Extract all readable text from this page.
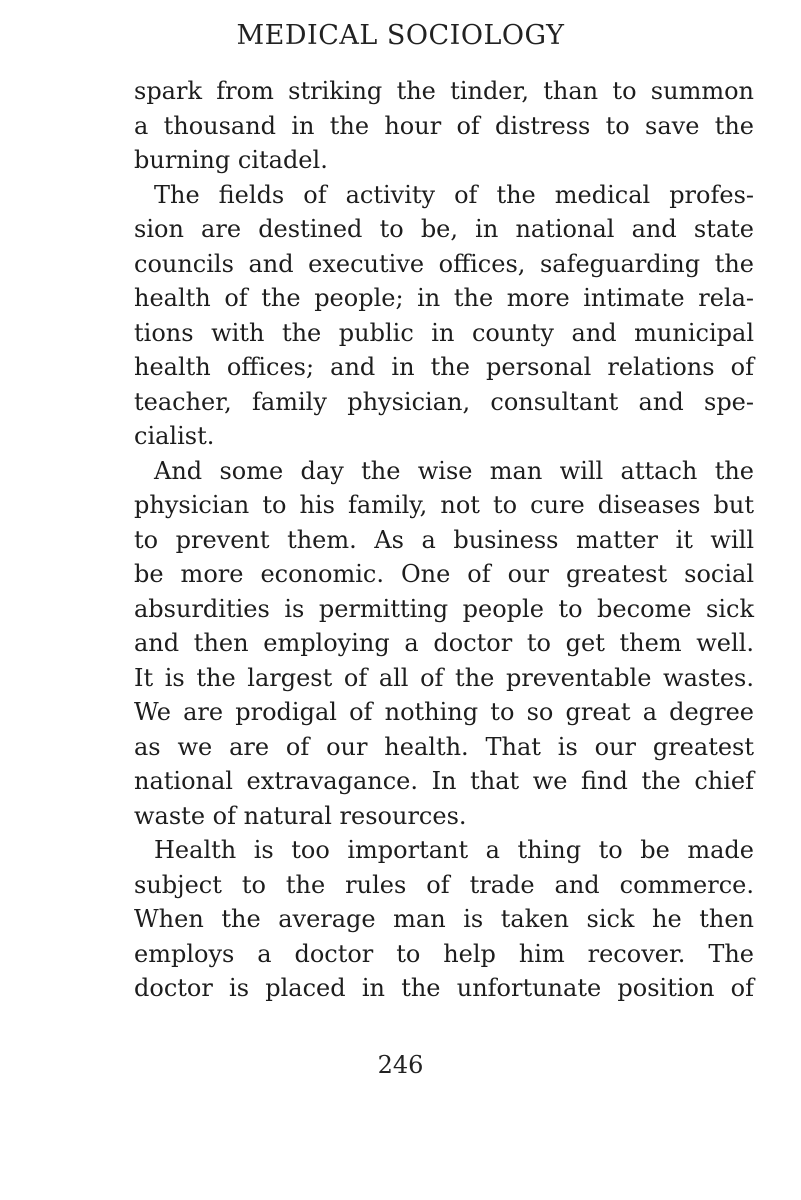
MEDICAL SOCIOLOGY
spark from striking the tinder, than to summon
a thousand in the hour of distress to save the
burning citadel.
The fields of activity of the medical profes-
sion are destined to be, in national and state
councils and executive offices, safeguarding the
health of the people; in the more intimate rela-
tions with the public in county and municipal
health offices; and in the personal relations of
teacher, family physician, consultant and spe-
cialist.
And some day the wise man will attach the
physician to his family, not to cure diseases but
to prevent them. As a business matter it will
be more economic. One of our greatest social
absurdities is permitting people to become sick
and then employing a doctor to get them well.
It is the largest of all of the preventable wastes.
We are prodigal of nothing to so great a degree
as we are of our health. That is our greatest
national extravagance. In that we find the chief
waste of natural resources.
Health is too important a thing to be made
subject to the rules of trade and commerce.
When the average man is taken sick he then
employs a doctor to help him recover. The
doctor is placed in the unfortunate position of
246
